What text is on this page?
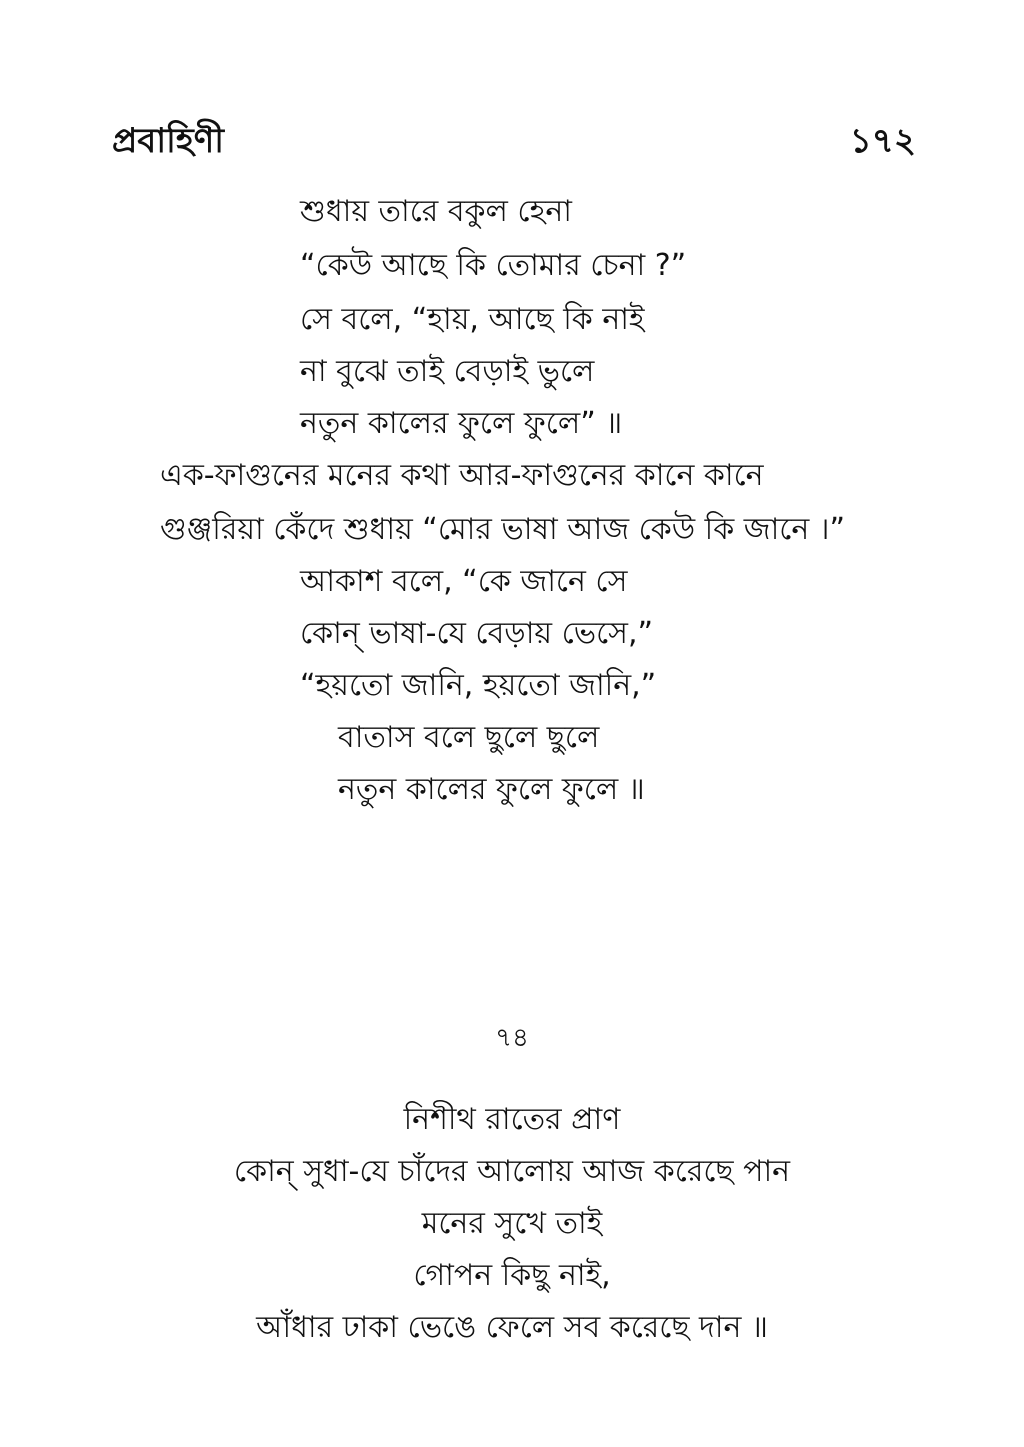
প্রবাহিণী	১৭২
শুধায় তারে বকুল হেনা
“কেউ আছে কি তোমার চেনা ?”
সে বলে, “হায়, আছে কি নাই
না বুঝে তাই বেড়াই ভুলে
নতুন কালের ফুলে ফুলে” ॥
এক-ফাগুনের মনের কথা আর-ফাগুনের কানে কানে
গুঞ্জরিয়া কেঁদে শুধায় “মোর ভাষা আজ কেউ কি জানে ।”
আকাশ বলে, “কে জানে সে
কোন্ ভাষা-যে বেড়ায় ভেসে,”
“হয়তো জানি, হয়তো জানি,”
বাতাস বলে ছুলে ছুলে
নতুন কালের ফুলে ফুলে ॥
৭৪
নিশীথ রাতের প্রাণ
কোন্ সুধা-যে চাঁদের আলোয় আজ করেছে পান
মনের সুখে তাই
গোপন কিছু নাই,
আঁধার ঢাকা ভেঙে ফেলে সব করেছে দান ॥
